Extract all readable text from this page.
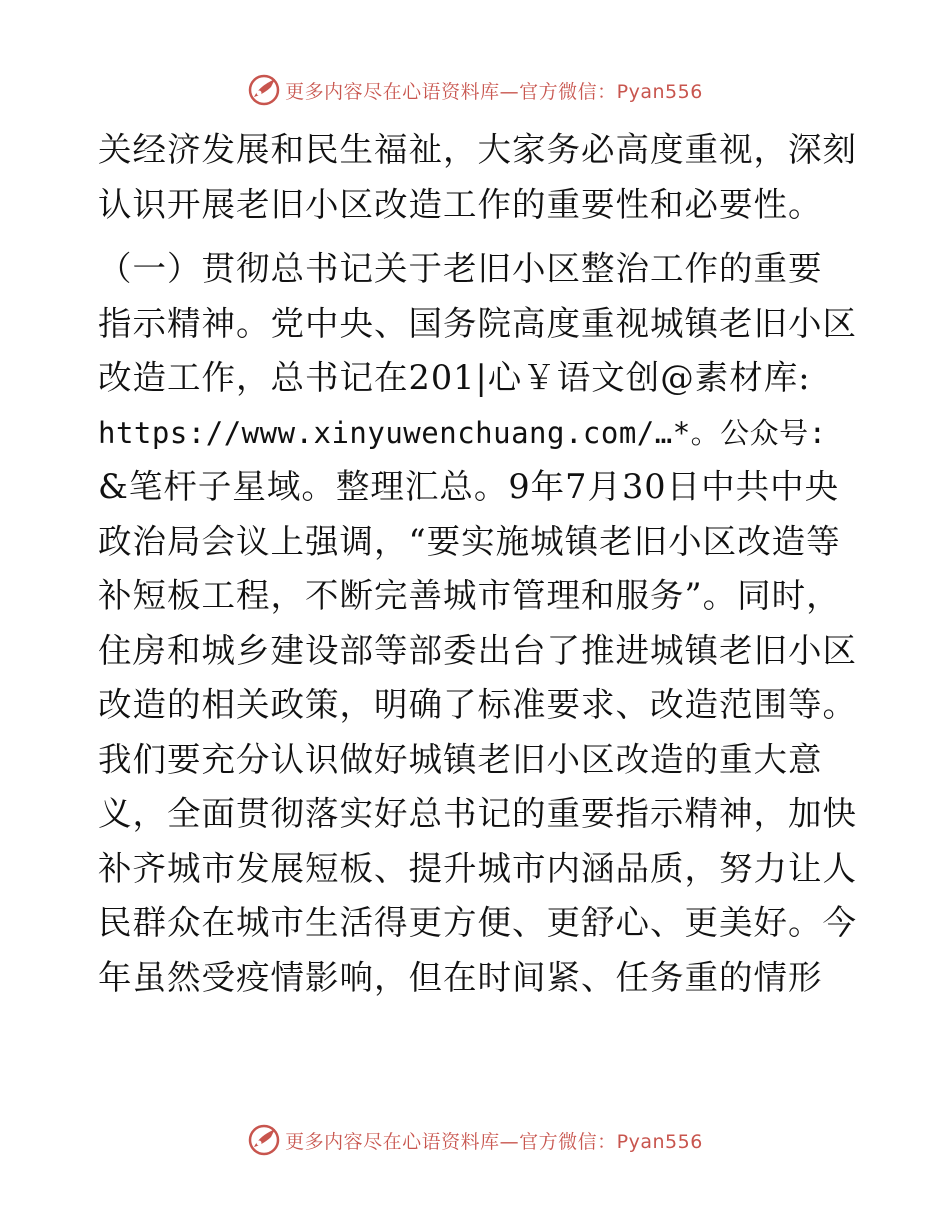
更多内容尽在心语资料库—官方微信：Pyan556
关经济发展和民生福祉，大家务必高度重视，深刻
认识开展老旧小区改造工作的重要性和必要性。
（一）贯彻总书记关于老旧小区整治工作的重要
指示精神。党中央、国务院高度重视城镇老旧小区
改造工作，总书记在201|心￥语文创@素材库:
https://www.xinyuwenchuang.com/…*。公众号:
&笔杆子星域。整理汇总。9年7月30日中共中央
政治局会议上强调，“要实施城镇老旧小区改造等
补短板工程，不断完善城市管理和服务”。同时，
住房和城乡建设部等部委出台了推进城镇老旧小区
改造的相关政策，明确了标准要求、改造范围等。
我们要充分认识做好城镇老旧小区改造的重大意
义，全面贯彻落实好总书记的重要指示精神，加快
补齐城市发展短板、提升城市内涵品质，努力让人
民群众在城市生活得更方便、更舒心、更美好。今
年虽然受疫情影响，但在时间紧、任务重的情形
更多内容尽在心语资料库—官方微信：Pyan556
